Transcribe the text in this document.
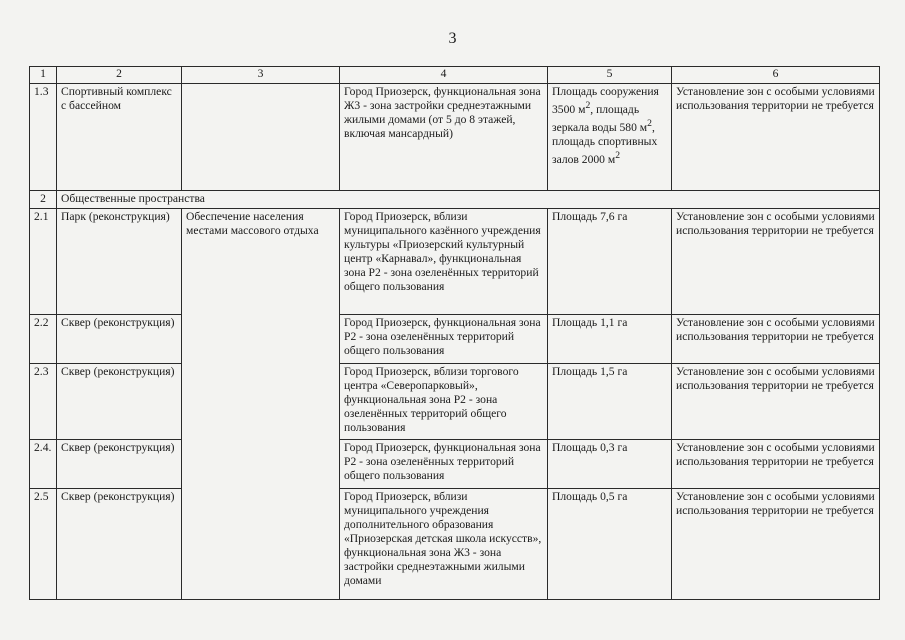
3
1	2	3	4	5	6
1.3	Спортивный комплекс с бассейном		Город Приозерск, функциональная зона Ж3 - зона застройки среднеэтажными жилыми домами (от 5 до 8 этажей, включая мансардный)	Площадь сооружения 3500 $м^2$, площадь зеркала воды 580 $м^2$, площадь спортивных залов 2000 $м^2$	Установление зон с особыми условиями использования территории не требуется
2	Общественные пространства				
2.1	Парк (реконструкция)	Обеспечение населения местами массового отдыха	Город Приозерск, вблизи муниципального казённого учреждения культуры «Приозерский культурный центр «Карнавал», функциональная зона Р2 - зона озеленённых территорий общего пользования	Площадь 7,6 га	Установление зон с особыми условиями использования территории не требуется
2.2	Сквер (реконструкция)		Город Приозерск, функциональная зона Р2 - зона озеленённых территорий общего пользования	Площадь 1,1 га	Установление зон с особыми условиями использования территории не требуется
2.3	Сквер (реконструкция)		Город Приозерск, вблизи торгового центра «Северопарковый», функциональная зона Р2 - зона озеленённых территорий общего пользования	Площадь 1,5 га	Установление зон с особыми условиями использования территории не требуется
2.4.	Сквер (реконструкция)		Город Приозерск, функциональная зона Р2 - зона озеленённых территорий общего пользования	Площадь 0,3 га	Установление зон с особыми условиями использования территории не требуется
2.5	Сквер (реконструкция)		Город Приозерск, вблизи муниципального учреждения дополнительного образования «Приозерская детская школа искусств», функциональная зона Ж3 - зона застройки среднеэтажными жилыми домами	Площадь 0,5 га	Установление зон с особыми условиями использования территории не требуется
